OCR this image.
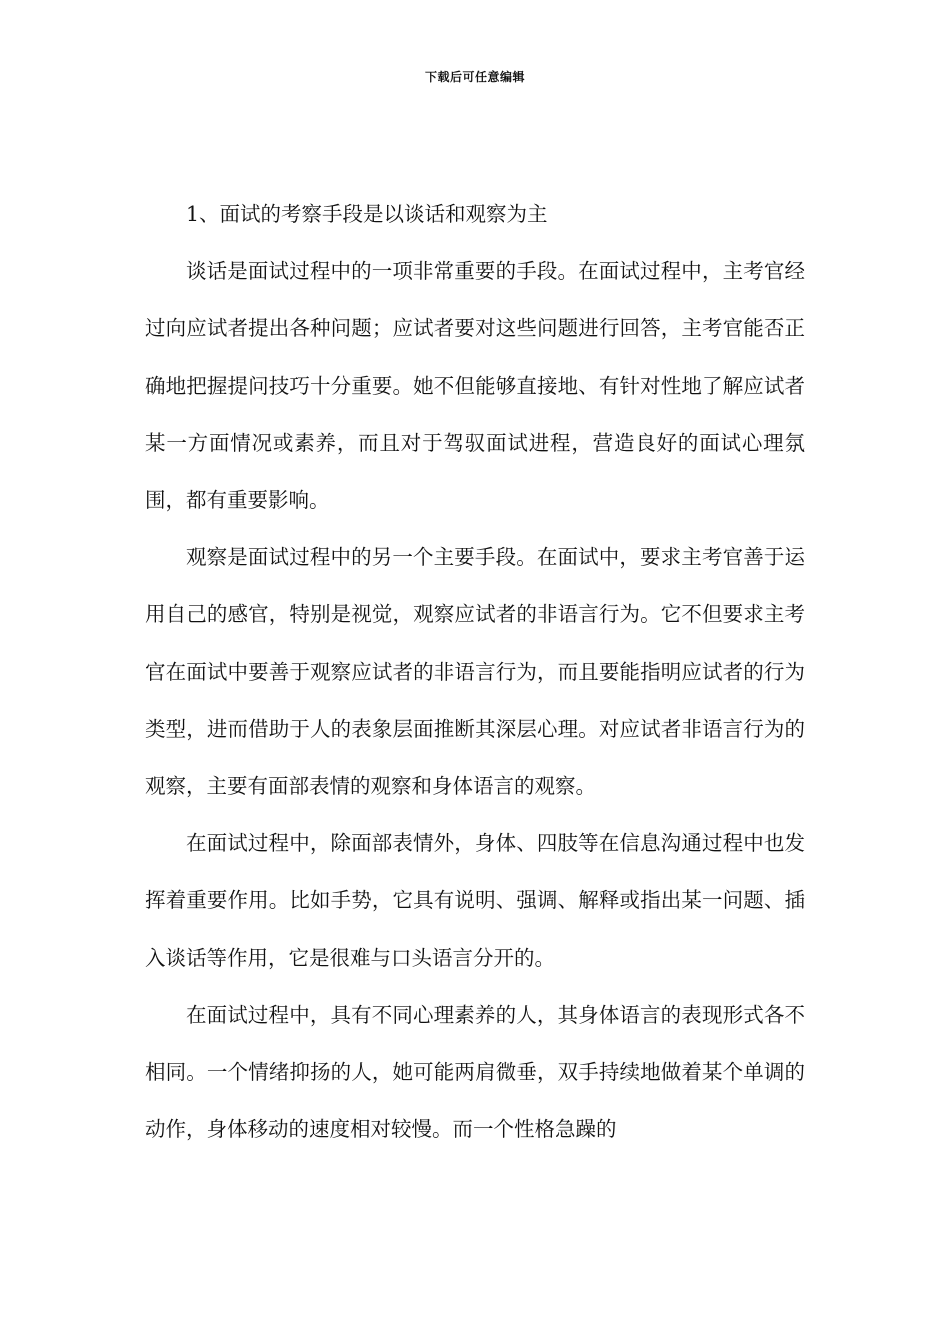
下载后可任意编辑

1、面试的考察手段是以谈话和观察为主

谈话是面试过程中的一项非常重要的手段。在面试过程中，主考官经过向应试者提出各种问题；应试者要对这些问题进行回答，主考官能否正确地把握提问技巧十分重要。她不但能够直接地、有针对性地了解应试者某一方面情况或素养，而且对于驾驭面试进程，营造良好的面试心理氛围，都有重要影响。

观察是面试过程中的另一个主要手段。在面试中，要求主考官善于运用自己的感官，特别是视觉，观察应试者的非语言行为。它不但要求主考官在面试中要善于观察应试者的非语言行为，而且要能指明应试者的行为类型，进而借助于人的表象层面推断其深层心理。对应试者非语言行为的观察，主要有面部表情的观察和身体语言的观察。

在面试过程中，除面部表情外，身体、四肢等在信息沟通过程中也发挥着重要作用。比如手势，它具有说明、强调、解释或指出某一问题、插入谈话等作用，它是很难与口头语言分开的。

在面试过程中，具有不同心理素养的人，其身体语言的表现形式各不相同。一个情绪抑扬的人，她可能两肩微垂，双手持续地做着某个单调的动作，身体移动的速度相对较慢。而一个性格急躁的
